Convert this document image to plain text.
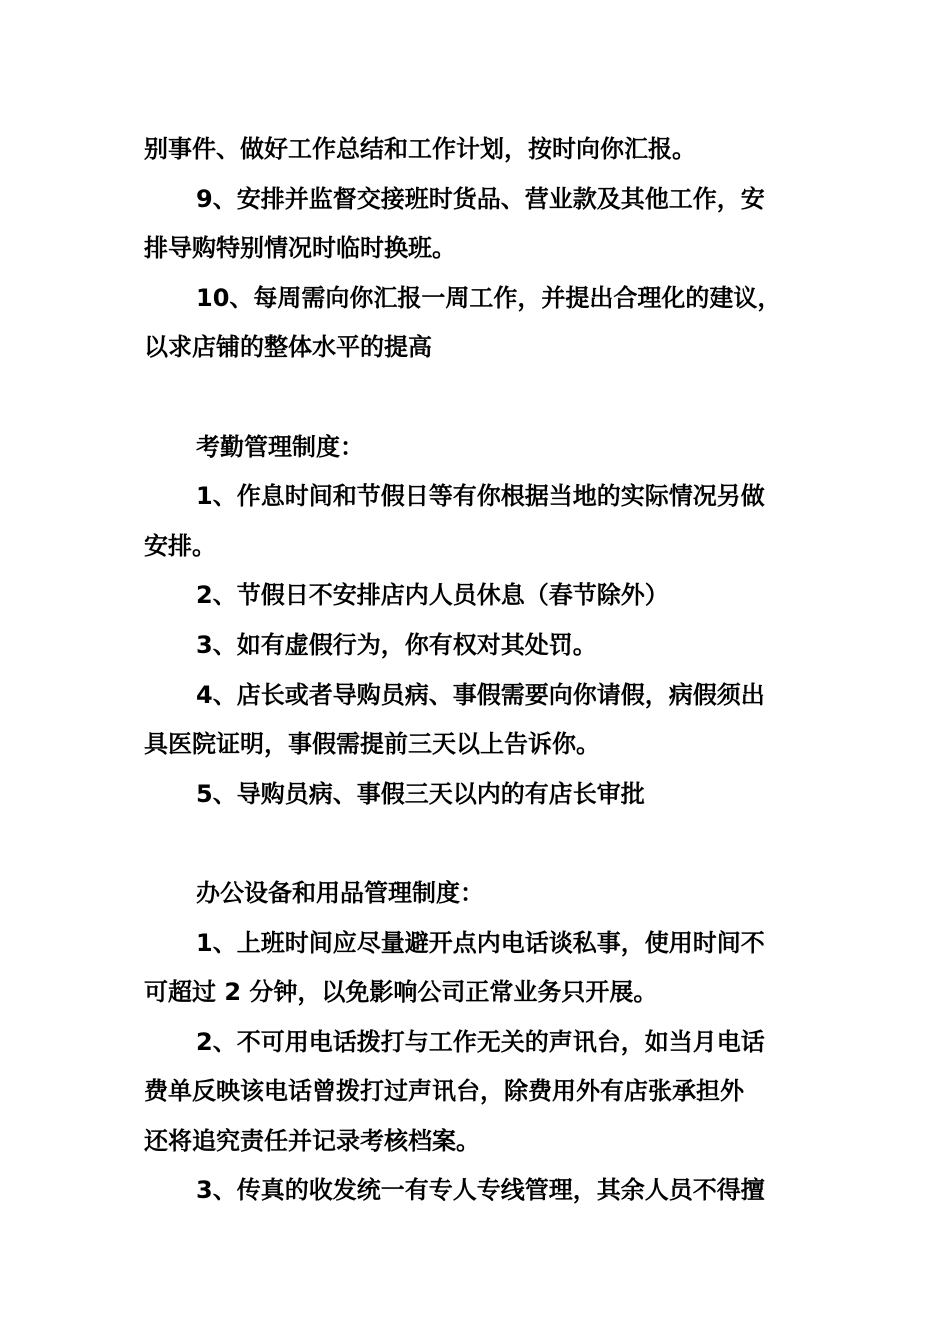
别事件、做好工作总结和工作计划，按时向你汇报。
9、安排并监督交接班时货品、营业款及其他工作，安
排导购特别情况时临时换班。
10、每周需向你汇报一周工作，并提出合理化的建议，
以求店铺的整体水平的提高
考勤管理制度：
1、作息时间和节假日等有你根据当地的实际情况另做
安排。
2、节假日不安排店内人员休息（春节除外）
3、如有虚假行为，你有权对其处罚。
4、店长或者导购员病、事假需要向你请假，病假须出
具医院证明，事假需提前三天以上告诉你。
5、导购员病、事假三天以内的有店长审批
办公设备和用品管理制度：
1、上班时间应尽量避开点内电话谈私事，使用时间不
可超过 2 分钟，以免影响公司正常业务只开展。
2、不可用电话拨打与工作无关的声讯台，如当月电话
费单反映该电话曾拨打过声讯台，除费用外有店张承担外
还将追究责任并记录考核档案。
3、传真的收发统一有专人专线管理，其余人员不得擅
